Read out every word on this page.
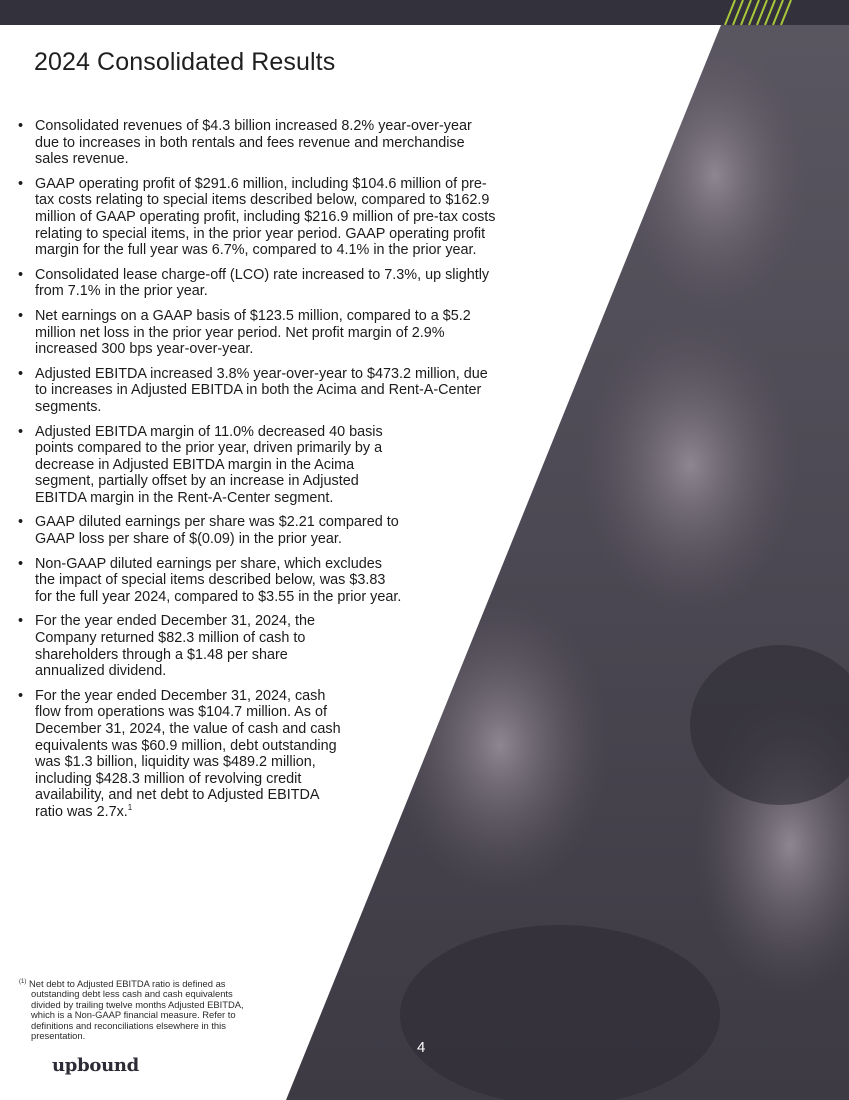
2024 Consolidated Results
• Consolidated revenues of $4.3 billion increased 8.2% year-over-year
due to increases in both rentals and fees revenue and merchandise
sales revenue.
• GAAP operating profit of $291.6 million, including $104.6 million of pre-
tax costs relating to special items described below, compared to $162.9
million of GAAP operating profit, including $216.9 million of pre-tax costs
relating to special items, in the prior year period. GAAP operating profit
margin for the full year was 6.7%, compared to 4.1% in the prior year.
• Consolidated lease charge-off (LCO) rate increased to 7.3%, up slightly
from 7.1% in the prior year.
• Net earnings on a GAAP basis of $123.5 million, compared to a $5.2
million net loss in the prior year period. Net profit margin of 2.9%
increased 300 bps year-over-year.
• Adjusted EBITDA increased 3.8% year-over-year to $473.2 million, due
to increases in Adjusted EBITDA in both the Acima and Rent-A-Center
segments.
• Adjusted EBITDA margin of 11.0% decreased 40 basis
points compared to the prior year, driven primarily by a
decrease in Adjusted EBITDA margin in the Acima
segment, partially offset by an increase in Adjusted
EBITDA margin in the Rent-A-Center segment.
• GAAP diluted earnings per share was $2.21 compared to
GAAP loss per share of $(0.09) in the prior year.
• Non-GAAP diluted earnings per share, which excludes
the impact of special items described below, was $3.83
for the full year 2024, compared to $3.55 in the prior year.
• For the year ended December 31, 2024, the
Company returned $82.3 million of cash to
shareholders through a $1.48 per share
annualized dividend.
• For the year ended December 31, 2024, cash
flow from operations was $104.7 million. As of
December 31, 2024, the value of cash and cash
equivalents was $60.9 million, debt outstanding
was $1.3 billion, liquidity was $489.2 million,
including $428.3 million of revolving credit
availability, and net debt to Adjusted EBITDA
ratio was 2.7x.$^1$
$^{(1)}$ Net debt to Adjusted EBITDA ratio is defined as
outstanding debt less cash and cash equivalents
divided by trailing twelve months Adjusted EBITDA,
which is a Non-GAAP financial measure. Refer to
definitions and reconciliations elsewhere in this
presentation.
4
upbound
